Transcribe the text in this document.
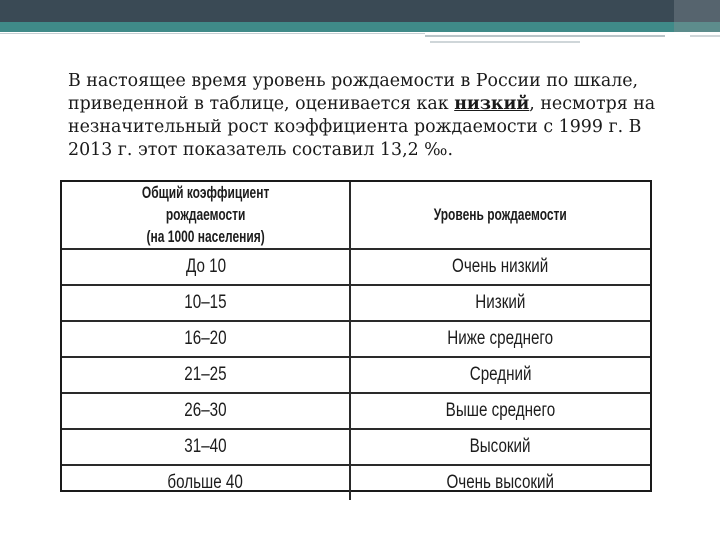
В настоящее время уровень рождаемости в России по шкале, приведенной в таблице, оценивается как низкий, несмотря на незначительный рост коэффициента рождаемости с 1999 г. В 2013 г. этот показатель составил 13,2 ‰.
Общий коэффициент рождаемости
(на 1000 населения)	Уровень рождаемости
До 10	Очень низкий
10–15	Низкий
16–20	Ниже среднего
21–25	Средний
26–30	Выше среднего
31–40	Высокий
больше 40	Очень высокий
